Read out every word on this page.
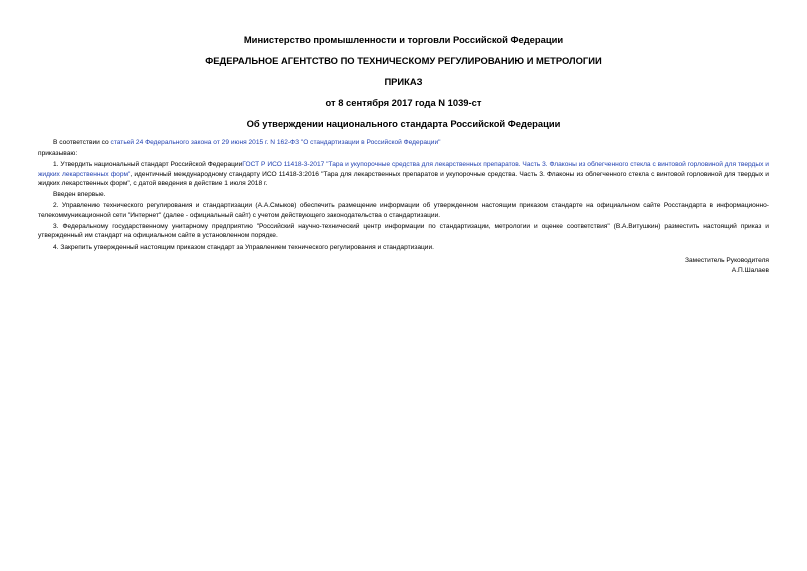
Министерство промышленности и торговли Российской Федерации
ФЕДЕРАЛЬНОЕ АГЕНТСТВО ПО ТЕХНИЧЕСКОМУ РЕГУЛИРОВАНИЮ И МЕТРОЛОГИИ
ПРИКАЗ
от 8 сентября 2017 года N 1039-ст
Об утверждении национального стандарта Российской Федерации

В соответствии со статьей 24 Федерального закона от 29 июня 2015 г. N 162-ФЗ "О стандартизации в Российской Федерации"

приказываю:

1. Утвердить национальный стандарт Российской ФедерацииГОСТ Р ИСО 11418-3-2017 "Тара и укупорочные средства для лекарственных препаратов. Часть 3. Флаконы из облегченного стекла с винтовой горловиной для твердых и жидких лекарственных форм", идентичный международному стандарту ИСО 11418-3:2016 "Тара для лекарственных препаратов и укупорочные средства. Часть 3. Флаконы из облегченного стекла с винтовой горловиной для твердых и жидких лекарственных форм", с датой введения в действие 1 июля 2018 г.

Введен впервые.

2. Управлению технического регулирования и стандартизации (А.А.Смыков) обеспечить размещение информации об утвержденном настоящим приказом стандарте на официальном сайте Росстандарта в информационно-телекоммуникационной сети "Интернет" (далее - официальный сайт) с учетом действующего законодательства о стандартизации.

3. Федеральному государственному унитарному предприятию "Российский научно-технический центр информации по стандартизации, метрологии и оценке соответствия" (В.А.Витушкин) разместить настоящий приказ и утвержденный им стандарт на официальном сайте в установленном порядке.

4. Закрепить утвержденный настоящим приказом стандарт за Управлением технического регулирования и стандартизации.

Заместитель Руководителя
А.П.Шалаев
